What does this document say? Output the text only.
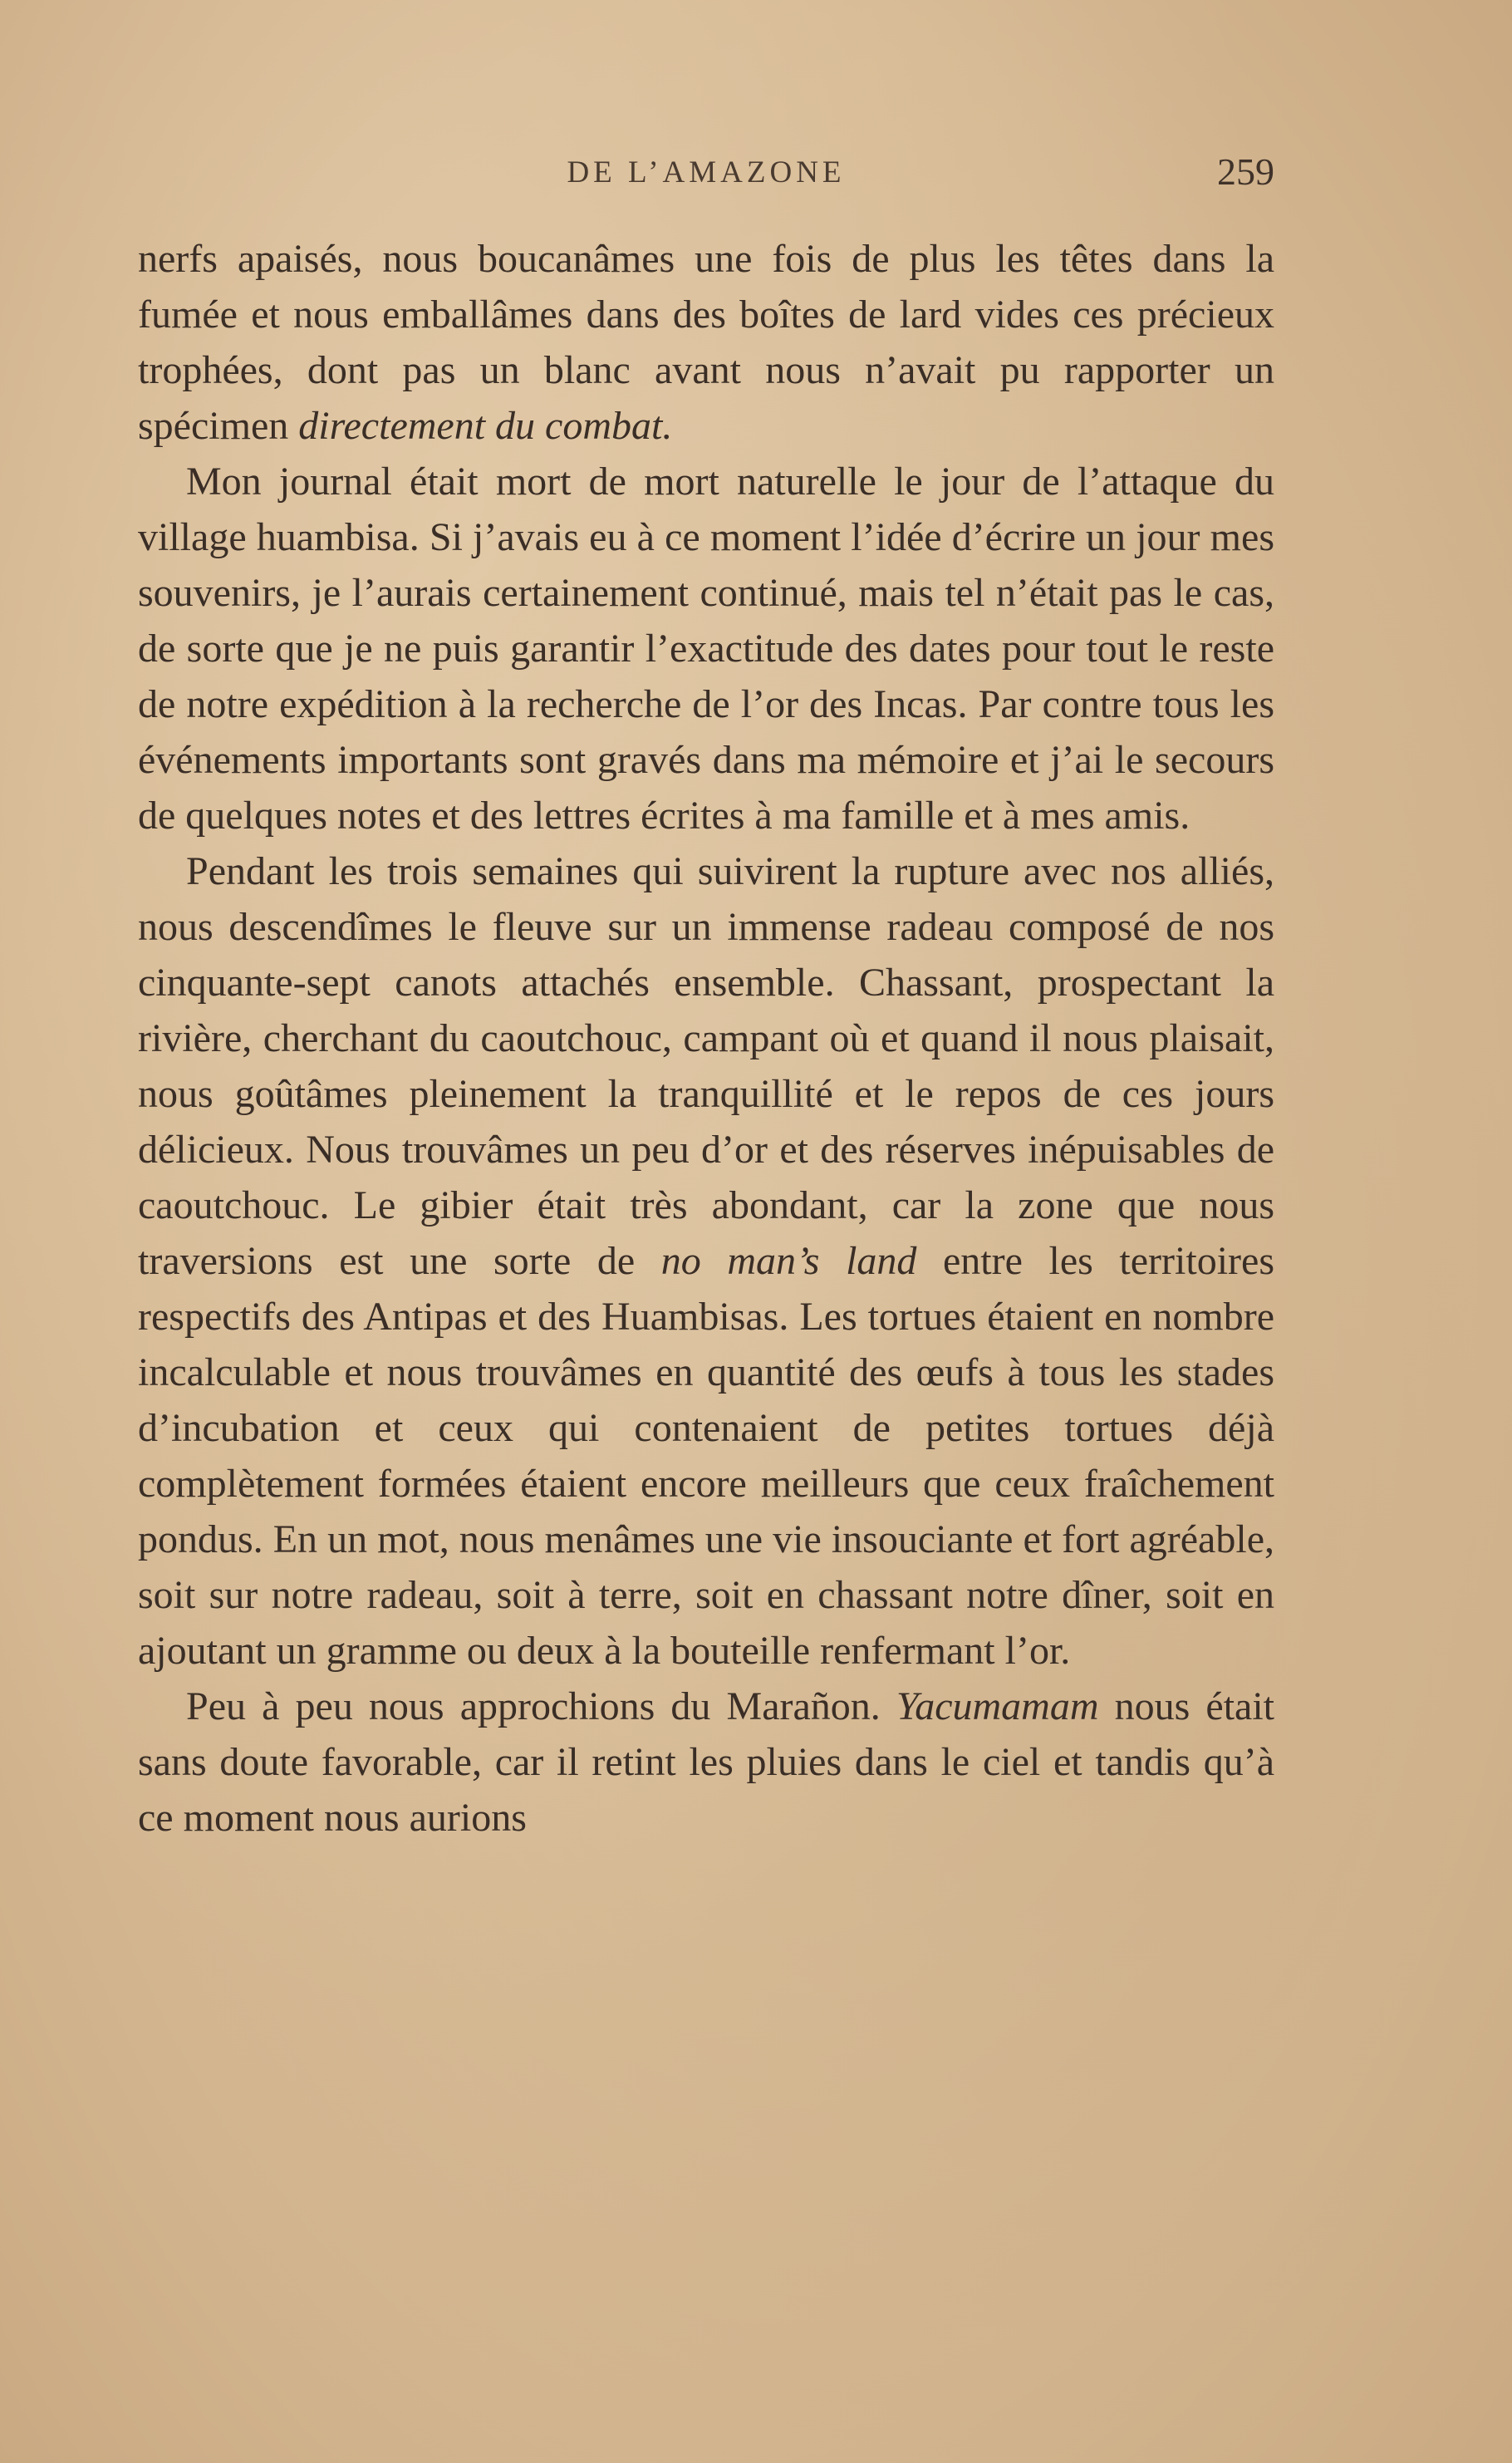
DE L’AMAZONE	259

nerfs apaisés, nous boucanâmes une fois de plus les têtes dans la fumée et nous emballâmes dans des boîtes de lard vides ces précieux trophées, dont pas un blanc avant nous n’avait pu rapporter un spécimen directement du combat.

Mon journal était mort de mort naturelle le jour de l’attaque du village huambisa. Si j’avais eu à ce moment l’idée d’écrire un jour mes souvenirs, je l’aurais certainement continué, mais tel n’était pas le cas, de sorte que je ne puis garantir l’exactitude des dates pour tout le reste de notre expédition à la recherche de l’or des Incas. Par contre tous les événements importants sont gravés dans ma mémoire et j’ai le secours de quelques notes et des lettres écrites à ma famille et à mes amis.

Pendant les trois semaines qui suivirent la rupture avec nos alliés, nous descendîmes le fleuve sur un immense radeau composé de nos cinquante-sept canots attachés ensemble. Chassant, prospectant la rivière, cherchant du caoutchouc, campant où et quand il nous plaisait, nous goûtâmes pleinement la tranquillité et le repos de ces jours délicieux. Nous trouvâmes un peu d’or et des réserves inépuisables de caoutchouc. Le gibier était très abondant, car la zone que nous traversions est une sorte de no man’s land entre les territoires respectifs des Antipas et des Huambisas. Les tortues étaient en nombre incalculable et nous trouvâmes en quantité des œufs à tous les stades d’incubation et ceux qui contenaient de petites tortues déjà complètement formées étaient encore meilleurs que ceux fraîchement pondus. En un mot, nous menâmes une vie insouciante et fort agréable, soit sur notre radeau, soit à terre, soit en chassant notre dîner, soit en ajoutant un gramme ou deux à la bouteille renfermant l’or.

Peu à peu nous approchions du Marañon. Yacumamam nous était sans doute favorable, car il retint les pluies dans le ciel et tandis qu’à ce moment nous aurions
